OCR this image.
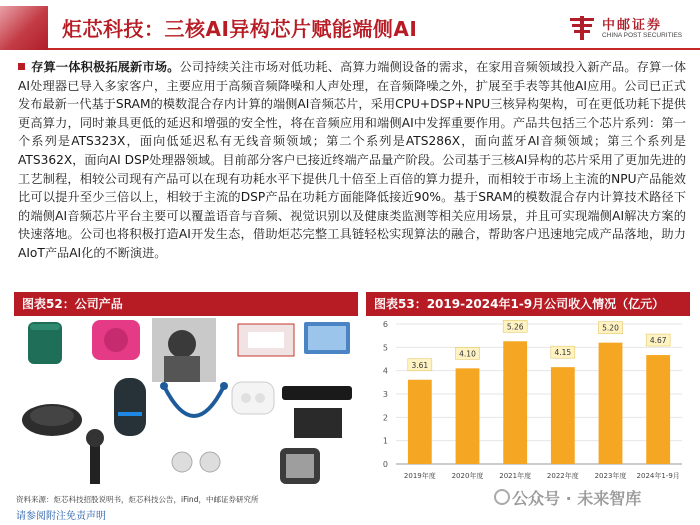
炬芯科技：三核AI异构芯片赋能端侧AI	中邮证券
CHINA POST SECURITIES
存算一体积极拓展新市场。公司持续关注市场对低功耗、高算力端侧设备的需求，在家用音频领域投入新产品。存算一体AI处理器已导入多家客户，主要应用于高频音频降噪和人声处理，在音频降噪之外，扩展至手表等其他AI应用。公司已正式发布最新一代基于SRAM的模数混合存内计算的端侧AI音频芯片，采用CPU+DSP+NPU三核异构架构，可在更低功耗下提供更高算力，同时兼具更低的延迟和增强的安全性，将在音频应用和端侧AI中发挥重要作用。产品共包括三个芯片系列：第一个系列是ATS323X，面向低延迟私有无线音频领域；第二个系列是ATS286X，面向蓝牙AI音频领域；第三个系列是ATS362X，面向AI DSP处理器领域。目前部分客户已接近终端产品量产阶段。公司基于三核AI异构的芯片采用了更加先进的工艺制程，相较公司现有产品可以在现有功耗水平下提供几十倍至上百倍的算力提升，而相较于市场上主流的NPU产品能效比可以提升至少三倍以上，相较于主流的DSP产品在功耗方面能降低接近90%。基于SRAM的模数混合存内计算技术路径下的端侧AI音频芯片平台主要可以覆盖语音与音频、视觉识别以及健康类监测等相关应用场景，并且可实现端侧AI解决方案的快速落地。公司也将积极打造AI开发生态，借助炬芯完整工具链轻松实现算法的融合，帮助客户迅速地完成产品落地，助力AIoT产品AI化的不断演进。
图表52：公司产品	图表53：2019-2024年1-9月公司收入情况（亿元）
0
1
2
3
4
5
6
3.61
2019年度
4.10
2020年度
5.26
2021年度
4.15
2022年度
5.20
2023年度
4.67
2024年1-9月
资料来源：炬芯科技招股说明书，炬芯科技公告，iFind，中邮证券研究所
请参阅附注免责声明
公众号 · 未来智库
